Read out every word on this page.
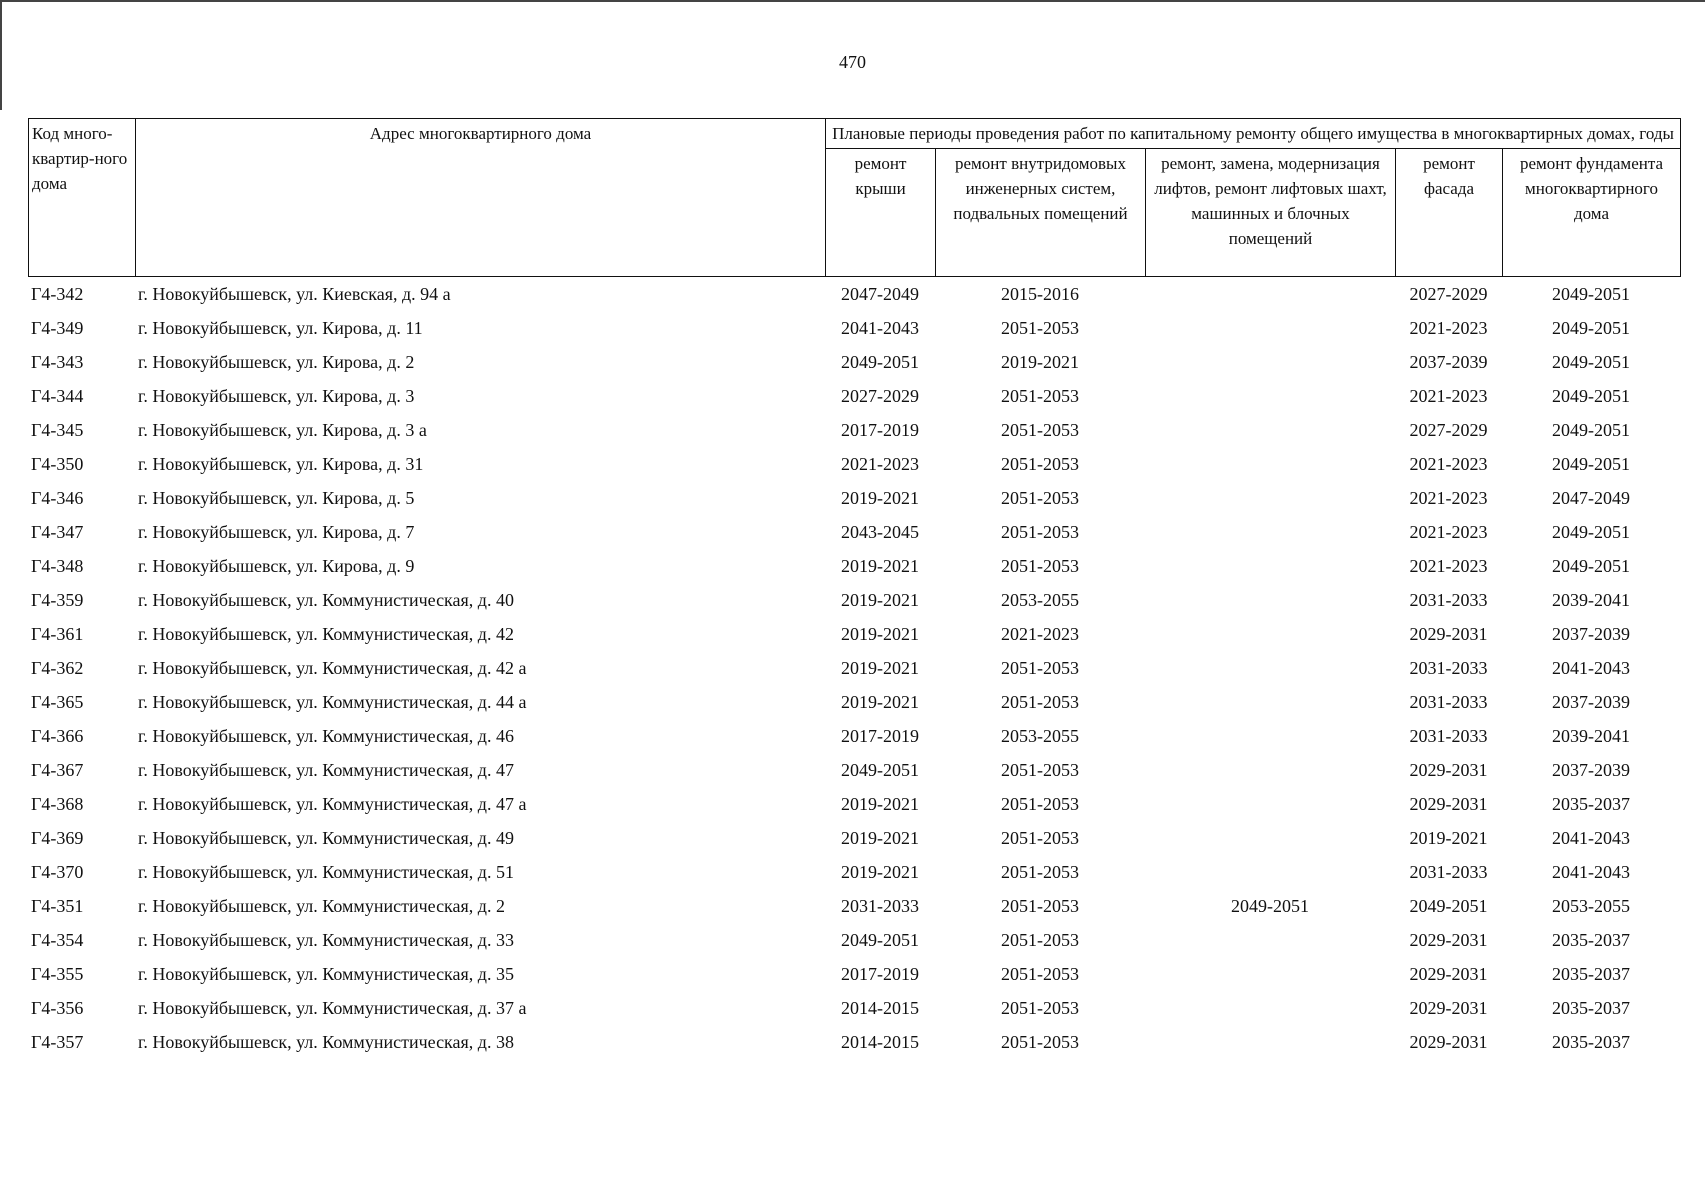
470
Код много-квартир-ного дома	Адрес многоквартирного дома	Плановые периоды проведения работ по капитальному ремонту общего имущества в многоквартирных домах, годы				
		ремонт крыши	ремонт внутридомовых инженерных систем, подвальных помещений	ремонт, замена, модернизация лифтов, ремонт лифтовых шахт, машинных и блочных помещений	ремонт фасада	ремонт фундамента многоквартирного дома
Г4-342	г. Новокуйбышевск, ул. Киевская, д. 94 а	2047-2049	2015-2016		2027-2029	2049-2051
Г4-349	г. Новокуйбышевск, ул. Кирова, д. 11	2041-2043	2051-2053		2021-2023	2049-2051
Г4-343	г. Новокуйбышевск, ул. Кирова, д. 2	2049-2051	2019-2021		2037-2039	2049-2051
Г4-344	г. Новокуйбышевск, ул. Кирова, д. 3	2027-2029	2051-2053		2021-2023	2049-2051
Г4-345	г. Новокуйбышевск, ул. Кирова, д. 3 а	2017-2019	2051-2053		2027-2029	2049-2051
Г4-350	г. Новокуйбышевск, ул. Кирова, д. 31	2021-2023	2051-2053		2021-2023	2049-2051
Г4-346	г. Новокуйбышевск, ул. Кирова, д. 5	2019-2021	2051-2053		2021-2023	2047-2049
Г4-347	г. Новокуйбышевск, ул. Кирова, д. 7	2043-2045	2051-2053		2021-2023	2049-2051
Г4-348	г. Новокуйбышевск, ул. Кирова, д. 9	2019-2021	2051-2053		2021-2023	2049-2051
Г4-359	г. Новокуйбышевск, ул. Коммунистическая, д. 40	2019-2021	2053-2055		2031-2033	2039-2041
Г4-361	г. Новокуйбышевск, ул. Коммунистическая, д. 42	2019-2021	2021-2023		2029-2031	2037-2039
Г4-362	г. Новокуйбышевск, ул. Коммунистическая, д. 42 а	2019-2021	2051-2053		2031-2033	2041-2043
Г4-365	г. Новокуйбышевск, ул. Коммунистическая, д. 44 а	2019-2021	2051-2053		2031-2033	2037-2039
Г4-366	г. Новокуйбышевск, ул. Коммунистическая, д. 46	2017-2019	2053-2055		2031-2033	2039-2041
Г4-367	г. Новокуйбышевск, ул. Коммунистическая, д. 47	2049-2051	2051-2053		2029-2031	2037-2039
Г4-368	г. Новокуйбышевск, ул. Коммунистическая, д. 47 а	2019-2021	2051-2053		2029-2031	2035-2037
Г4-369	г. Новокуйбышевск, ул. Коммунистическая, д. 49	2019-2021	2051-2053		2019-2021	2041-2043
Г4-370	г. Новокуйбышевск, ул. Коммунистическая, д. 51	2019-2021	2051-2053		2031-2033	2041-2043
Г4-351	г. Новокуйбышевск, ул. Коммунистическая, д. 2	2031-2033	2051-2053	2049-2051	2049-2051	2053-2055
Г4-354	г. Новокуйбышевск, ул. Коммунистическая, д. 33	2049-2051	2051-2053		2029-2031	2035-2037
Г4-355	г. Новокуйбышевск, ул. Коммунистическая, д. 35	2017-2019	2051-2053		2029-2031	2035-2037
Г4-356	г. Новокуйбышевск, ул. Коммунистическая, д. 37 а	2014-2015	2051-2053		2029-2031	2035-2037
Г4-357	г. Новокуйбышевск, ул. Коммунистическая, д. 38	2014-2015	2051-2053		2029-2031	2035-2037
